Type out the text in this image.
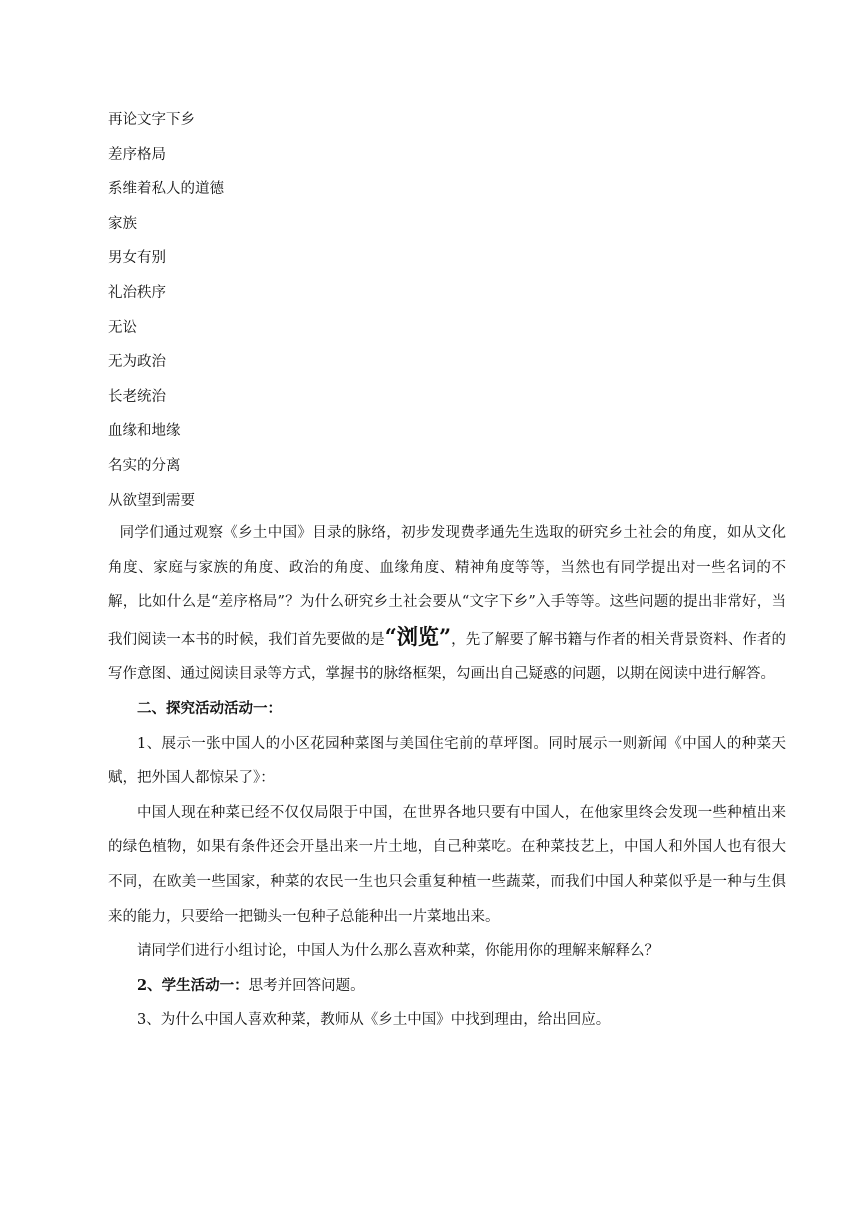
再论文字下乡

差序格局

系维着私人的道德

家族

男女有别

礼治秩序

无讼

无为政治

长老统治

血缘和地缘

名实的分离

从欲望到需要

同学们通过观察《乡土中国》目录的脉络，初步发现费孝通先生选取的研究乡土社会的角度，如从文化角度、家庭与家族的角度、政治的角度、血缘角度、精神角度等等，当然也有同学提出对一些名词的不解，比如什么是“差序格局”？为什么研究乡土社会要从“文字下乡”入手等等。这些问题的提出非常好，当我们阅读一本书的时候，我们首先要做的是“浏览”，先了解要了解书籍与作者的相关背景资料、作者的写作意图、通过阅读目录等方式，掌握书的脉络框架，勾画出自己疑惑的问题，以期在阅读中进行解答。

二、探究活动活动一：

1、展示一张中国人的小区花园种菜图与美国住宅前的草坪图。同时展示一则新闻《中国人的种菜天赋，把外国人都惊呆了》：

中国人现在种菜已经不仅仅局限于中国，在世界各地只要有中国人，在他家里终会发现一些种植出来的绿色植物，如果有条件还会开垦出来一片土地，自己种菜吃。在种菜技艺上，中国人和外国人也有很大不同，在欧美一些国家，种菜的农民一生也只会重复种植一些蔬菜，而我们中国人种菜似乎是一种与生俱来的能力，只要给一把锄头一包种子总能种出一片菜地出来。

请同学们进行小组讨论，中国人为什么那么喜欢种菜，你能用你的理解来解释么？

2、学生活动一：思考并回答问题。

3、为什么中国人喜欢种菜，教师从《乡土中国》中找到理由，给出回应。
